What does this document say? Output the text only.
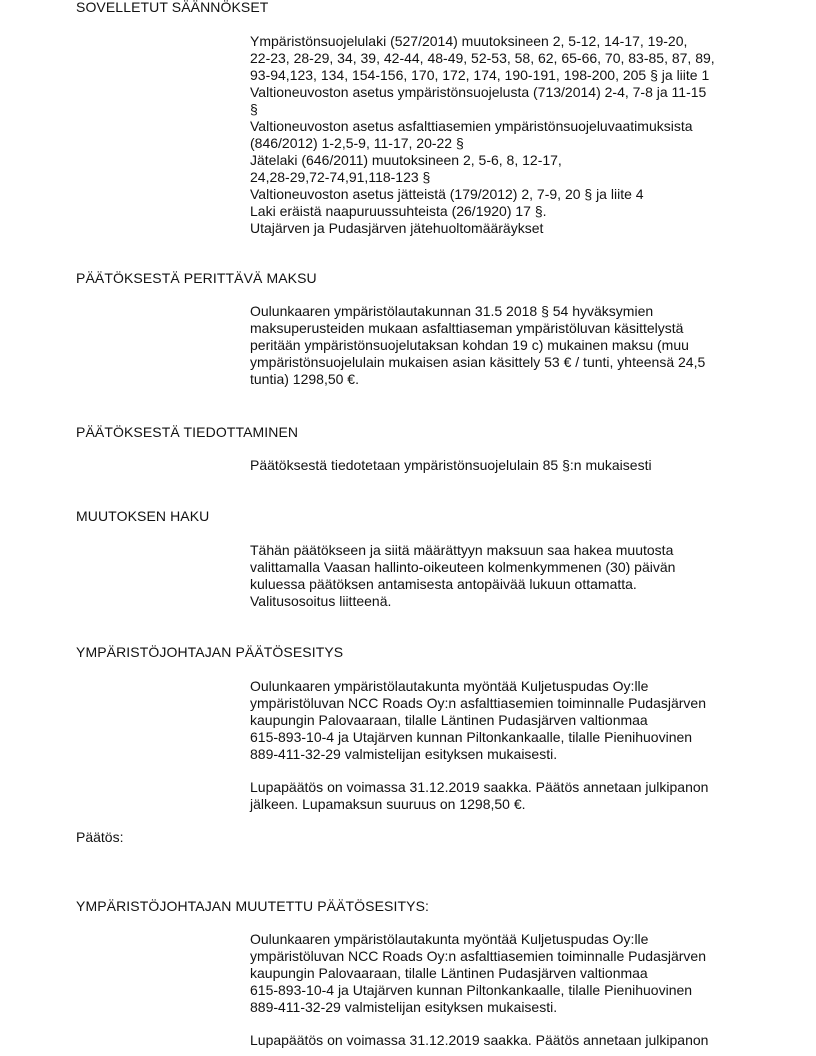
SOVELLETUT SÄÄNNÖKSET
Ympäristönsuojelulaki (527/2014) muutoksineen 2, 5-12, 14-17, 19-20,
22-23, 28-29, 34, 39, 42-44, 48-49, 52-53, 58, 62, 65-66, 70, 83-85, 87, 89,
93-94,123, 134, 154-156, 170, 172, 174, 190-191, 198-200, 205 § ja liite 1
Valtioneuvoston asetus ympäristönsuojelusta (713/2014) 2-4, 7-8 ja 11-15
§
Valtioneuvoston asetus asfalttiasemien ympäristönsuojeluvaatimuksista
(846/2012) 1-2,5-9, 11-17, 20-22 §
Jätelaki (646/2011) muutoksineen 2, 5-6, 8, 12-17,
24,28-29,72-74,91,118-123 §
Valtioneuvoston asetus jätteistä (179/2012) 2, 7-9, 20 § ja liite 4
Laki eräistä naapuruussuhteista (26/1920) 17 §.
Utajärven ja Pudasjärven jätehuoltomääräykset
PÄÄTÖKSESTÄ PERITTÄVÄ MAKSU
Oulunkaaren ympäristölautakunnan 31.5 2018 § 54 hyväksymien
maksuperusteiden mukaan asfalttiaseman ympäristöluvan käsittelystä
peritään ympäristönsuojelutaksan kohdan 19 c) mukainen maksu (muu
ympäristönsuojelulain mukaisen asian käsittely 53 € / tunti, yhteensä 24,5
tuntia) 1298,50 €.
PÄÄTÖKSESTÄ TIEDOTTAMINEN
Päätöksestä tiedotetaan ympäristönsuojelulain 85 §:n mukaisesti
MUUTOKSEN HAKU
Tähän päätökseen ja siitä määrättyyn maksuun saa hakea muutosta
valittamalla Vaasan hallinto-oikeuteen kolmenkymmenen (30) päivän
kuluessa päätöksen antamisesta antopäivää lukuun ottamatta.
Valitusosoitus liitteenä.
YMPÄRISTÖJOHTAJAN PÄÄTÖSESITYS
Oulunkaaren ympäristölautakunta myöntää Kuljetuspudas Oy:lle
ympäristöluvan NCC Roads Oy:n asfalttiasemien toiminnalle Pudasjärven
kaupungin Palovaaraan, tilalle Läntinen Pudasjärven valtionmaa
615-893-10-4 ja Utajärven kunnan Piltonkankaalle, tilalle Pienihuovinen
889-411-32-29 valmistelijan esityksen mukaisesti.
Lupapäätös on voimassa 31.12.2019 saakka. Päätös annetaan julkipanon
jälkeen. Lupamaksun suuruus on 1298,50 €.

Päätös:

YMPÄRISTÖJOHTAJAN MUUTETTU PÄÄTÖSESITYS:
Oulunkaaren ympäristölautakunta myöntää Kuljetuspudas Oy:lle
ympäristöluvan NCC Roads Oy:n asfalttiasemien toiminnalle Pudasjärven
kaupungin Palovaaraan, tilalle Läntinen Pudasjärven valtionmaa
615-893-10-4 ja Utajärven kunnan Piltonkankaalle, tilalle Pienihuovinen
889-411-32-29 valmistelijan esityksen mukaisesti.
Lupapäätös on voimassa 31.12.2019 saakka. Päätös annetaan julkipanon
